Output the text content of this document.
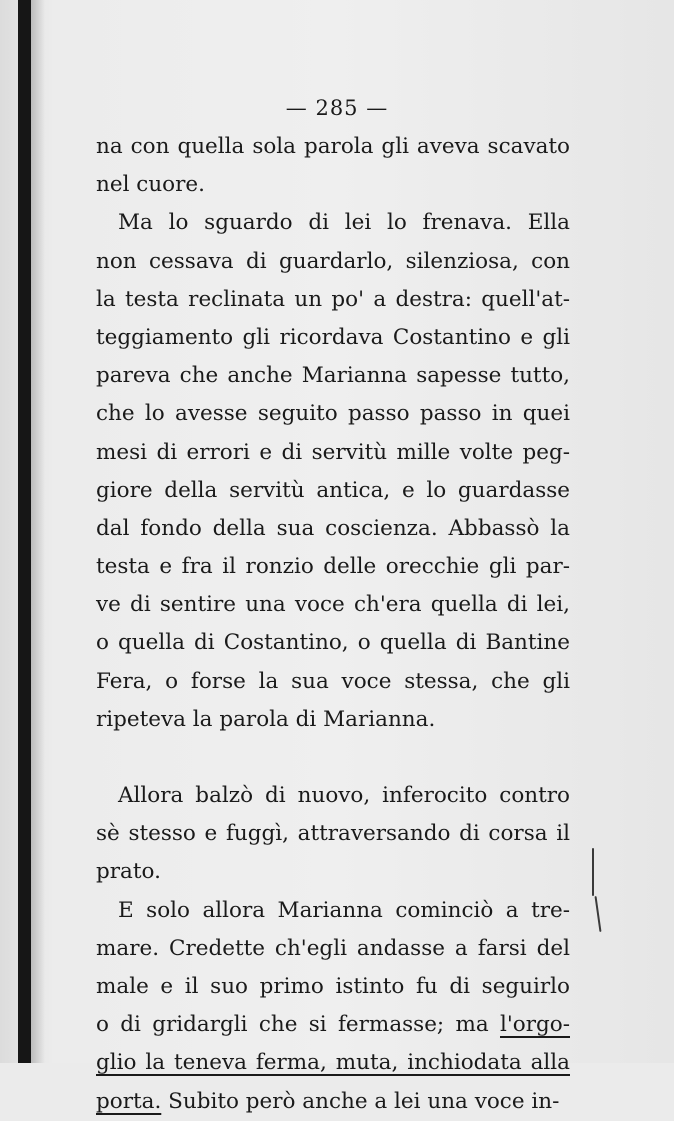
— 285 —
na con quella sola parola gli aveva scavato
nel cuore.
Ma lo sguardo di lei lo frenava. Ella
non cessava di guardarlo, silenziosa, con
la testa reclinata un po' a destra: quell'at-
teggiamento gli ricordava Costantino e gli
pareva che anche Marianna sapesse tutto,
che lo avesse seguito passo passo in quei
mesi di errori e di servitù mille volte peg-
giore della servitù antica, e lo guardasse
dal fondo della sua coscienza. Abbassò la
testa e fra il ronzio delle orecchie gli par-
ve di sentire una voce ch'era quella di lei,
o quella di Costantino, o quella di Bantine
Fera, o forse la sua voce stessa, che gli
ripeteva la parola di Marianna.
Allora balzò di nuovo, inferocito contro
sè stesso e fuggì, attraversando di corsa il
prato.
E solo allora Marianna cominciò a tre-
mare. Credette ch'egli andasse a farsi del
male e il suo primo istinto fu di seguirlo
o di gridargli che si fermasse; ma l'orgo-
glio la teneva ferma, muta, inchiodata alla
porta. Subito però anche a lei una voce in-
